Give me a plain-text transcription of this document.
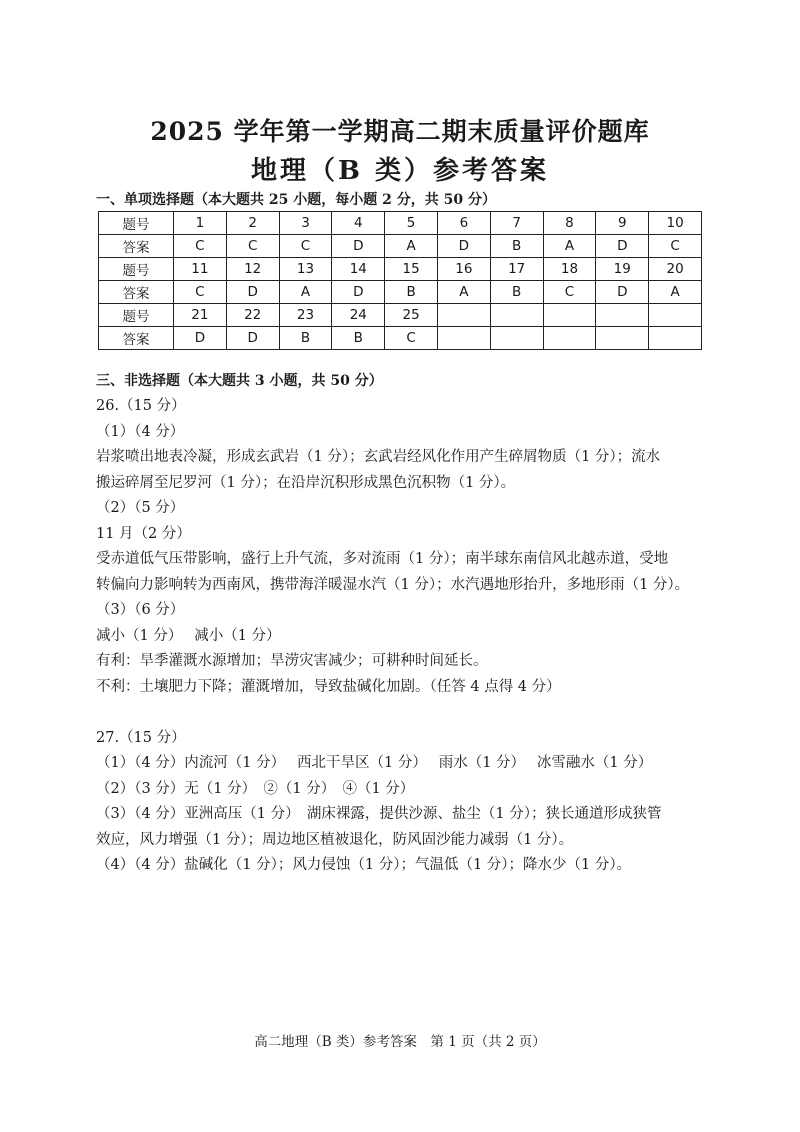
2025 学年第一学期高二期末质量评价题库
地理（B 类）参考答案
一、单项选择题（本大题共 25 小题，每小题 2 分，共 50 分）
题号	1	2	3	4	5	6	7	8	9	10
答案	C	C	C	D	A	D	B	A	D	C
题号	11	12	13	14	15	16	17	18	19	20
答案	C	D	A	D	B	A	B	C	D	A
题号	21	22	23	24	25					
答案	D	D	B	B	C					
三、非选择题（本大题共 3 小题，共 50 分）
26.（15 分）
（1）（4 分）
岩浆喷出地表冷凝，形成玄武岩（1 分）；玄武岩经风化作用产生碎屑物质（1 分）；流水
搬运碎屑至尼罗河（1 分）；在沿岸沉积形成黑色沉积物（1 分）。
（2）（5 分）
11 月（2 分）
受赤道低气压带影响，盛行上升气流，多对流雨（1 分）；南半球东南信风北越赤道，受地
转偏向力影响转为西南风，携带海洋暖湿水汽（1 分）；水汽遇地形抬升，多地形雨（1 分）。
（3）（6 分）
减小（1 分）　 减小（1 分）
有利：旱季灌溉水源增加；旱涝灾害减少；可耕种时间延长。
不利：土壤肥力下降；灌溉增加，导致盐碱化加剧。（任答 4 点得 4 分）
27.（15 分）
（1）（4 分）内流河（1 分）　 西北干旱区（1 分）　 雨水（1 分）　 冰雪融水（1 分）
（2）（3 分）无（1 分）　②（1 分）　④（1 分）
（3）（4 分）亚洲高压（1 分）　湖床裸露，提供沙源、盐尘（1 分）；狭长通道形成狭管
效应，风力增强（1 分）；周边地区植被退化，防风固沙能力减弱（1 分）。
（4）（4 分）盐碱化（1 分）；风力侵蚀（1 分）；气温低（1 分）；降水少（1 分）。
高二地理（B 类）参考答案　第 1 页（共 2 页）
